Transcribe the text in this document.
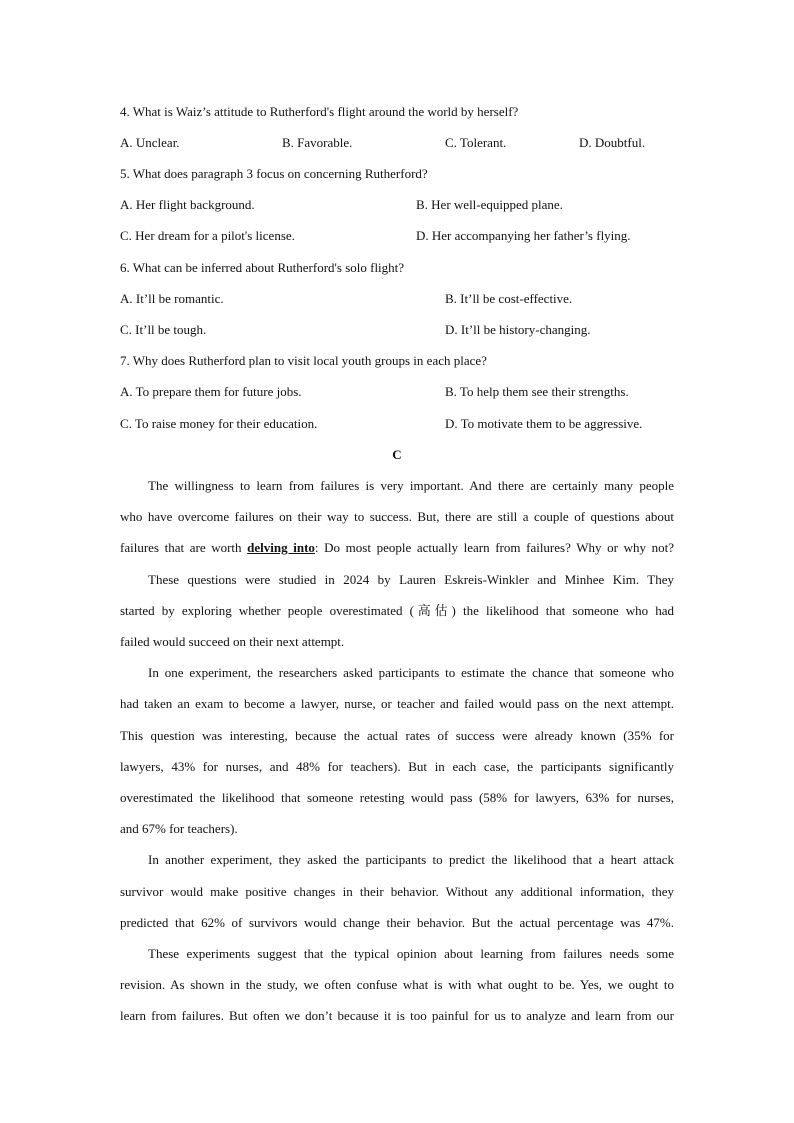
4. What is Waiz’s attitude to Rutherford's flight around the world by herself?
A. Unclear.	B. Favorable.	C. Tolerant.	D. Doubtful.
5. What does paragraph 3 focus on concerning Rutherford?
A. Her flight background.	B. Her well-equipped plane.
C. Her dream for a pilot's license.	D. Her accompanying her father’s flying.
6. What can be inferred about Rutherford's solo flight?
A. It’ll be romantic.	B. It’ll be cost-effective.
C. It’ll be tough.	D. It’ll be history-changing.
7. Why does Rutherford plan to visit local youth groups in each place?
A. To prepare them for future jobs.	B. To help them see their strengths.
C. To raise money for their education.	D. To motivate them to be aggressive.
C
The willingness to learn from failures is very important. And there are certainly many people
who have overcome failures on their way to success. But, there are still a couple of questions about
failures that are worth delving into: Do most people actually learn from failures? Why or why not?
These questions were studied in 2024 by Lauren Eskreis-Winkler and Minhee Kim. They
started by exploring whether people overestimated (高估) the likelihood that someone who had
failed would succeed on their next attempt.
In one experiment, the researchers asked participants to estimate the chance that someone who
had taken an exam to become a lawyer, nurse, or teacher and failed would pass on the next attempt.
This question was interesting, because the actual rates of success were already known (35% for
lawyers, 43% for nurses, and 48% for teachers). But in each case, the participants significantly
overestimated the likelihood that someone retesting would pass (58% for lawyers, 63% for nurses,
and 67% for teachers).
In another experiment, they asked the participants to predict the likelihood that a heart attack
survivor would make positive changes in their behavior. Without any additional information, they
predicted that 62% of survivors would change their behavior. But the actual percentage was 47%.
These experiments suggest that the typical opinion about learning from failures needs some
revision. As shown in the study, we often confuse what is with what ought to be. Yes, we ought to
learn from failures. But often we don’t because it is too painful for us to analyze and learn from our
